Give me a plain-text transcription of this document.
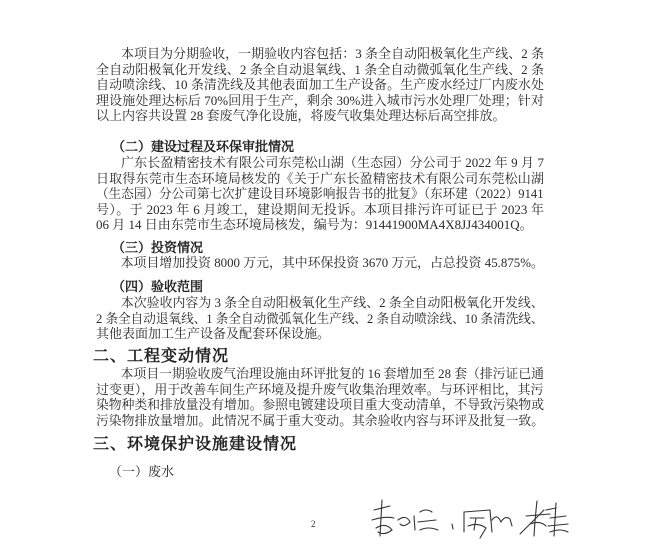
本项目为分期验收，一期验收内容包括：3 条全自动阳极氧化生产线、2 条
全自动阳极氧化开发线、2 条全自动退氧线、1 条全自动微弧氧化生产线、2 条
自动喷涂线、10 条清洗线及其他表面加工生产设备。生产废水经过厂内废水处
理设施处理达标后 70%回用于生产，剩余 30%进入城市污水处理厂处理；针对
以上内容共设置 28 套废气净化设施，将废气收集处理达标后高空排放。
（二）建设过程及环保审批情况
广东长盈精密技术有限公司东莞松山湖（生态园）分公司于 2022 年 9 月 7
日取得东莞市生态环境局核发的《关于广东长盈精密技术有限公司东莞松山湖
（生态园）分公司第七次扩建设目环境影响报告书的批复》（东环建（2022）9141
号）。于 2023 年 6 月竣工，建设期间无投诉。本项目排污许可证已于 2023 年
06 月 14 日由东莞市生态环境局核发，编号为：91441900MA4X8JJ434001Q。
（三）投资情况
本项目增加投资 8000 万元，其中环保投资 3670 万元，占总投资 45.875%。
（四）验收范围
本次验收内容为 3 条全自动阳极氧化生产线、2 条全自动阳极氧化开发线、
2 条全自动退氧线、1 条全自动微弧氧化生产线、2 条自动喷涂线、10 条清洗线、
其他表面加工生产设备及配套环保设施。
二、工程变动情况
本项目一期验收废气治理设施由环评批复的 16 套增加至 28 套（排污证已通
过变更），用于改善车间生产环境及提升废气收集治理效率。与环评相比，其污
染物种类和排放量没有增加。参照电镀建设项目重大变动清单，不导致污染物或
污染物排放量增加。此情况不属于重大变动。其余验收内容与环评及批复一致。
三、环境保护设施建设情况
（一）废水
2
